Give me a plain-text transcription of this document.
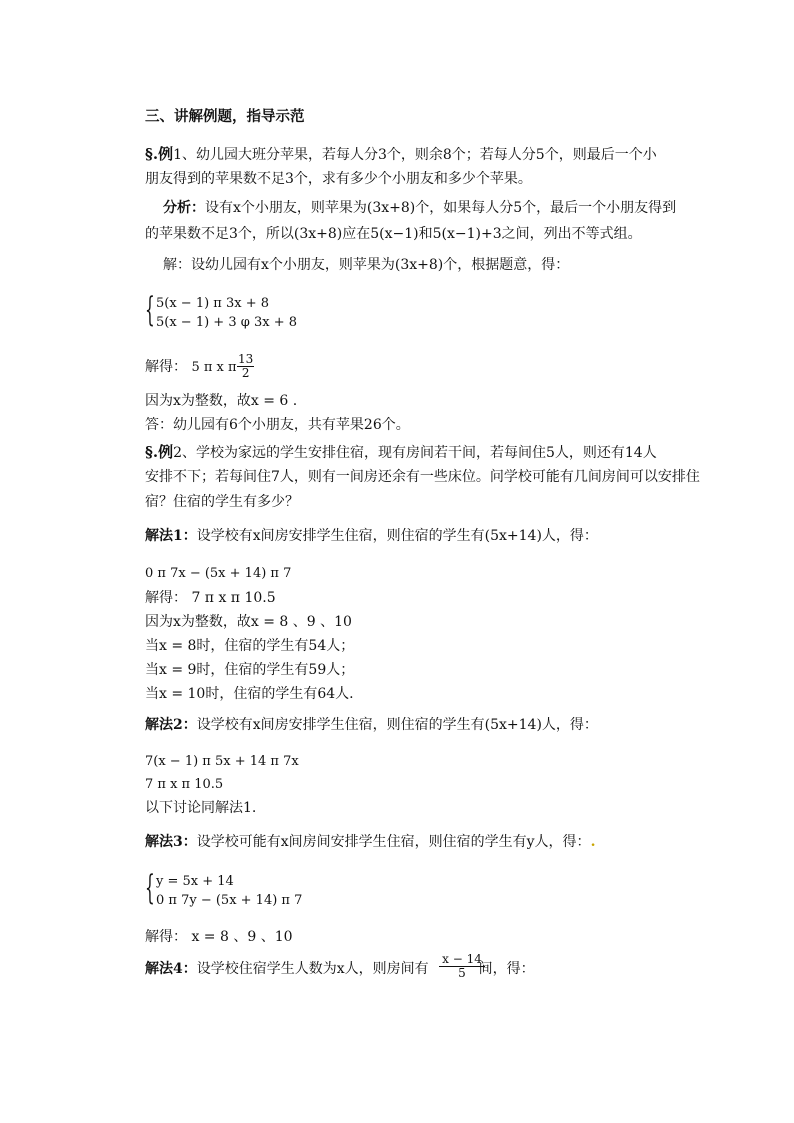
三、讲解例题，指导示范
§.例1、幼儿园大班分苹果，若每人分3个，则余8个；若每人分5个，则最后一个小
朋友得到的苹果数不足3个，求有多少个小朋友和多少个苹果。
分析：设有x个小朋友，则苹果为(3x+8)个，如果每人分5个，最后一个小朋友得到
的苹果数不足3个，所以(3x+8)应在5(x−1)和5(x−1)+3之间，列出不等式组。
解：设幼儿园有x个小朋友，则苹果为(3x+8)个，根据题意，得：
{ 5(x − 1) π 3x + 8
5(x − 1) + 3 φ 3x + 8
解得： 5 π x π $\frac{13}{2}$
因为x为整数，故x = 6 .
答：幼儿园有6个小朋友，共有苹果26个。
§.例2、学校为家远的学生安排住宿，现有房间若干间，若每间住5人，则还有14人
安排不下；若每间住7人，则有一间房还余有一些床位。问学校可能有几间房间可以安排住
宿？住宿的学生有多少？
解法1：设学校有x间房安排学生住宿，则住宿的学生有(5x+14)人，得：
0 π 7x − (5x + 14) π 7
解得： 7 π x π 10.5
因为x为整数，故x = 8 、9 、10
当x = 8时，住宿的学生有54人；
当x = 9时，住宿的学生有59人；
当x = 10时，住宿的学生有64人.
解法2：设学校有x间房安排学生住宿，则住宿的学生有(5x+14)人，得：
7(x − 1) π 5x + 14 π 7x
7 π x π 10.5
以下讨论同解法1.
解法3：设学校可能有x间房间安排学生住宿，则住宿的学生有y人，得：.
{ y = 5x + 14
0 π 7y − (5x + 14) π 7
解得： x = 8 、9 、10
解法4：设学校住宿学生人数为x人，则房间有	间，得：
$\frac{x - 14}{5}$
